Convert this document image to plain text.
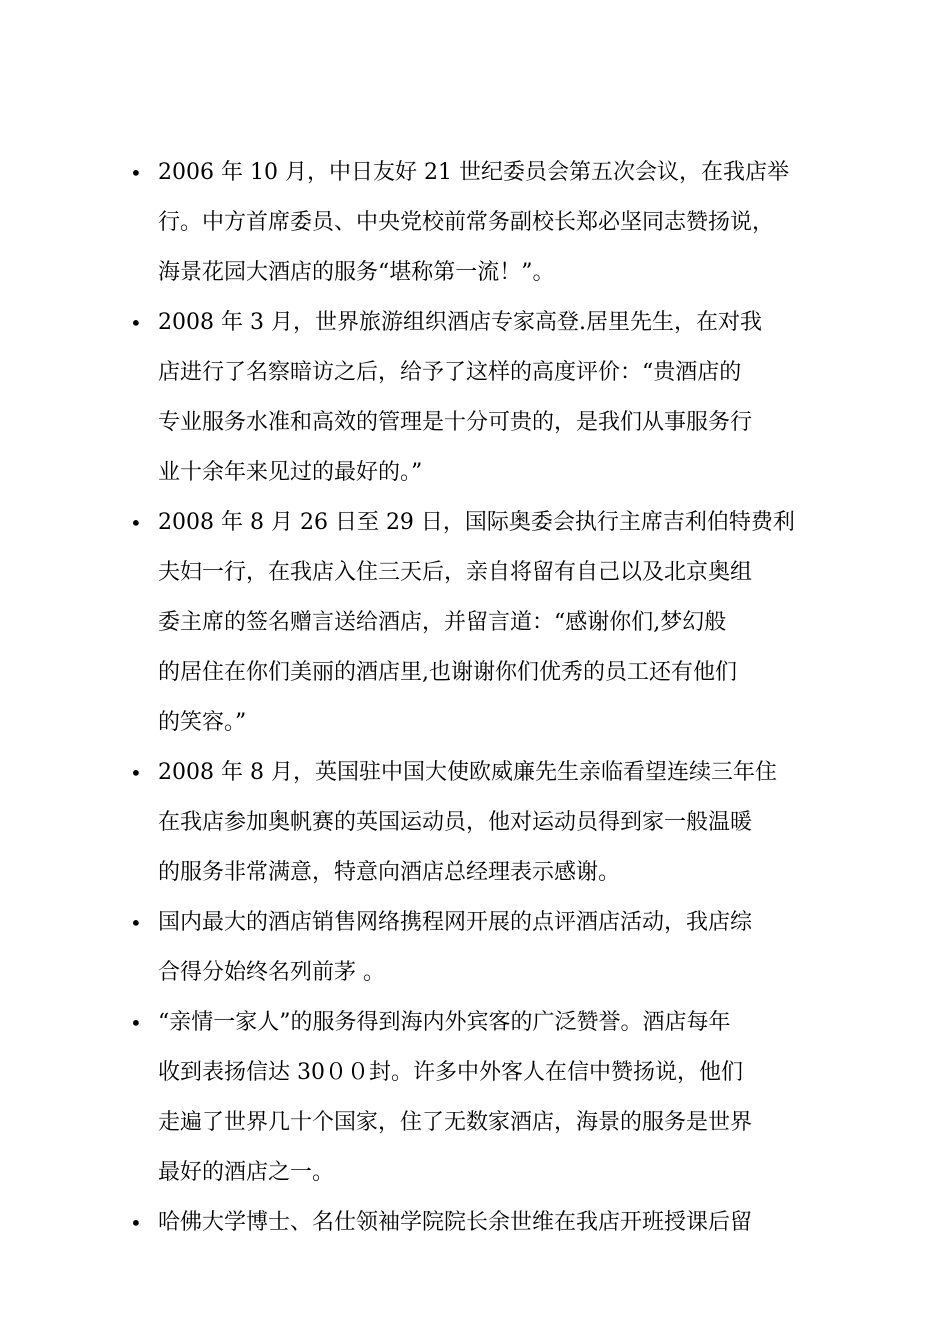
• 2006 年 10 月，中日友好 21 世纪委员会第五次会议，在我店举
行。中方首席委员、中央党校前常务副校长郑必坚同志赞扬说，
海景花园大酒店的服务“堪称第一流！”。
• 2008 年 3 月，世界旅游组织酒店专家高登.居里先生，在对我
店进行了名察暗访之后，给予了这样的高度评价：“贵酒店的
专业服务水准和高效的管理是十分可贵的，是我们从事服务行
业十余年来见过的最好的。”
• 2008 年 8 月 26 日至 29 日，国际奥委会执行主席吉利伯特费利
夫妇一行，在我店入住三天后，亲自将留有自己以及北京奥组
委主席的签名赠言送给酒店，并留言道：“感谢你们,梦幻般
的居住在你们美丽的酒店里,也谢谢你们优秀的员工还有他们
的笑容。”
• 2008 年 8 月，英国驻中国大使欧威廉先生亲临看望连续三年住
在我店参加奥帆赛的英国运动员，他对运动员得到家一般温暖
的服务非常满意，特意向酒店总经理表示感谢。
• 国内最大的酒店销售网络携程网开展的点评酒店活动，我店综
合得分始终名列前茅 。
• “亲情一家人”的服务得到海内外宾客的广泛赞誉。酒店每年
收到表扬信达 30００封。许多中外客人在信中赞扬说，他们
走遍了世界几十个国家，住了无数家酒店，海景的服务是世界
最好的酒店之一。
• 哈佛大学博士、名仕领袖学院院长余世维在我店开班授课后留
